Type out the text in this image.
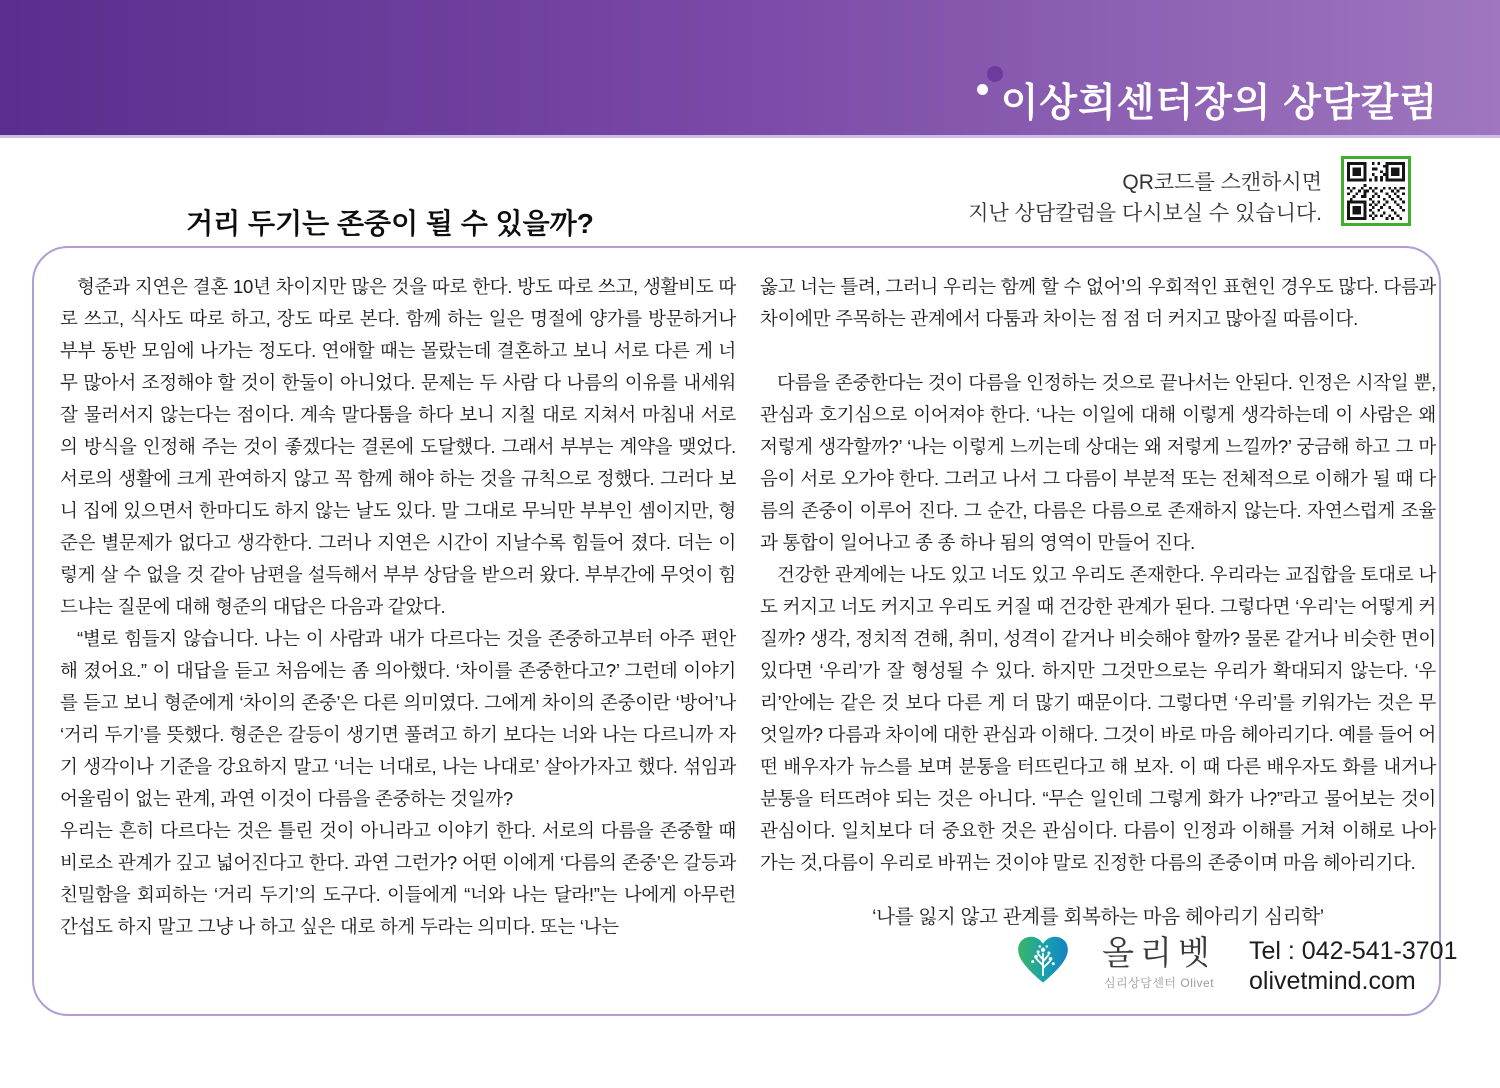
이상희센터장의 상담칼럼
QR코드를 스캔하시면
지난 상담칼럼을 다시보실 수 있습니다.
거리 두기는 존중이 될 수 있을까?

형준과 지연은 결혼 10년 차이지만 많은 것을 따로 한다. 방도 따로 쓰고, 생활비도 따로 쓰고, 식사도 따로 하고, 장도 따로 본다. 함께 하는 일은 명절에 양가를 방문하거나 부부 동반 모임에 나가는 정도다. 연애할 때는 몰랐는데 결혼하고 보니 서로 다른 게 너무 많아서 조정해야 할 것이 한둘이 아니었다. 문제는 두 사람 다 나름의 이유를 내세워 잘 물러서지 않는다는 점이다. 계속 말다툼을 하다 보니 지칠 대로 지쳐서 마침내 서로의 방식을 인정해 주는 것이 좋겠다는 결론에 도달했다. 그래서 부부는 계약을 맺었다. 서로의 생활에 크게 관여하지 않고 꼭 함께 해야 하는 것을 규칙으로 정했다. 그러다 보니 집에 있으면서 한마디도 하지 않는 날도 있다. 말 그대로 무늬만 부부인 셈이지만, 형준은 별문제가 없다고 생각한다. 그러나 지연은 시간이 지날수록 힘들어 졌다. 더는 이렇게 살 수 없을 것 같아 남편을 설득해서 부부 상담을 받으러 왔다. 부부간에 무엇이 힘드냐는 질문에 대해 형준의 대답은 다음과 같았다.

“별로 힘들지 않습니다. 나는 이 사람과 내가 다르다는 것을 존중하고부터 아주 편안해 졌어요.” 이 대답을 듣고 처음에는 좀 의아했다. ‘차이를 존중한다고?’ 그런데 이야기를 듣고 보니 형준에게 ‘차이의 존중’은 다른 의미였다. 그에게 차이의 존중이란 ‘방어’나 ‘거리 두기’를 뜻했다. 형준은 갈등이 생기면 풀려고 하기 보다는 너와 나는 다르니까 자기 생각이나 기준을 강요하지 말고 ‘너는 너대로, 나는 나대로’ 살아가자고 했다. 섞임과 어울림이 없는 관계, 과연 이것이 다름을 존중하는 것일까?

우리는 흔히 다르다는 것은 틀린 것이 아니라고 이야기 한다. 서로의 다름을 존중할 때 비로소 관계가 깊고 넓어진다고 한다. 과연 그런가? 어떤 이에게 ‘다름의 존중’은 갈등과 친밀함을 회피하는 ‘거리 두기’의 도구다. 이들에게 “너와 나는 달라!”는 나에게 아무런 간섭도 하지 말고 그냥 나 하고 싶은 대로 하게 두라는 의미다. 또는 ‘나는

옳고 너는 틀려, 그러니 우리는 함께 할 수 없어’의 우회적인 표현인 경우도 많다. 다름과 차이에만 주목하는 관계에서 다툼과 차이는 점 점 더 커지고 많아질 따름이다.

다름을 존중한다는 것이 다름을 인정하는 것으로 끝나서는 안된다. 인정은 시작일 뿐, 관심과 호기심으로 이어져야 한다. ‘나는 이일에 대해 이렇게 생각하는데 이 사람은 왜 저렇게 생각할까?’ ‘나는 이렇게 느끼는데 상대는 왜 저렇게 느낄까?’ 궁금해 하고 그 마음이 서로 오가야 한다. 그러고 나서 그 다름이 부분적 또는 전체적으로 이해가 될 때 다름의 존중이 이루어 진다. 그 순간, 다름은 다름으로 존재하지 않는다. 자연스럽게 조율과 통합이 일어나고 종 종 하나 됨의 영역이 만들어 진다.

건강한 관계에는 나도 있고 너도 있고 우리도 존재한다. 우리라는 교집합을 토대로 나도 커지고 너도 커지고 우리도 커질 때 건강한 관계가 된다. 그렇다면 ‘우리’는 어떻게 커질까? 생각, 정치적 견해, 취미, 성격이 같거나 비슷해야 할까? 물론 같거나 비슷한 면이 있다면 ‘우리’가 잘 형성될 수 있다. 하지만 그것만으로는 우리가 확대되지 않는다. ‘우리’안에는 같은 것 보다 다른 게 더 많기 때문이다. 그렇다면 ‘우리’를 키워가는 것은 무엇일까? 다름과 차이에 대한 관심과 이해다. 그것이 바로 마음 헤아리기다. 예를 들어 어떤 배우자가 뉴스를 보며 분통을 터뜨린다고 해 보자. 이 때 다른 배우자도 화를 내거나 분통을 터뜨려야 되는 것은 아니다. “무슨 일인데 그렇게 화가 나?”라고 물어보는 것이 관심이다. 일치보다 더 중요한 것은 관심이다. 다름이 인정과 이해를 거쳐 이해로 나아가는 것,다름이 우리로 바뀌는 것이야 말로 진정한 다름의 존중이며 마음 헤아리기다.

‘나를 잃지 않고 관계를 회복하는 마음 헤아리기 심리학’
올리벳
심리상담센터 Olivet
Tel : 042-541-3701
olivetmind.com
